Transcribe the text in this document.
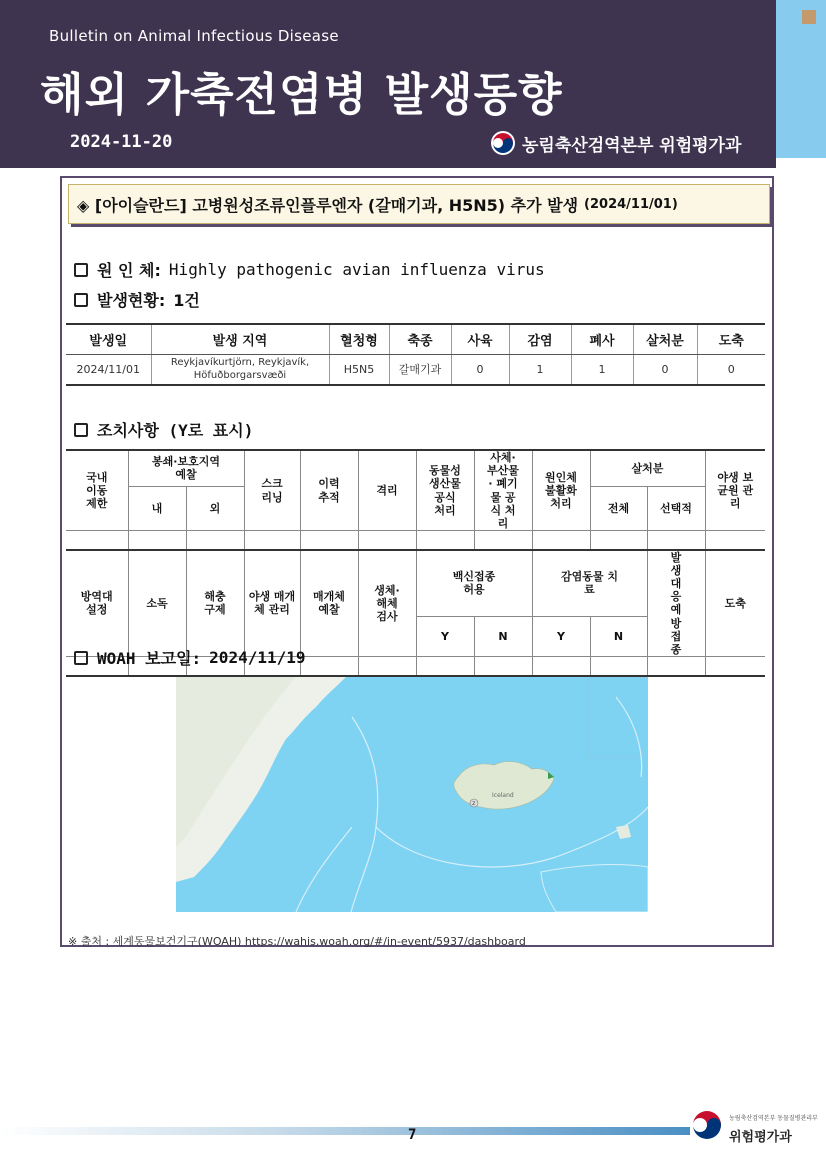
Bulletin on Animal Infectious Disease
해외 가축전염병 발생동향
2024-11-20	농림축산검역본부 위험평가과
◈ [아이슬란드] 고병원성조류인플루엔자 (갈매기과, H5N5) 추가 발생 (2024/11/01)
원 인 체: Highly pathogenic avian influenza virus
발생현황: 1건
발생일	발생 지역	혈청형	축종	사육	감염	폐사	살처분	도축
2024/11/01	Reykjavíkurtjörn, Reykjavík, Höfuðborgarsvæði	H5N5	갈매기과	0	1	1	0	0
조치사항 (Y로 표시)
국내 이동 제한	봉쇄·보호지역 예찰		스크 리닝	이력 추적	격리	동물성 생산물 공식 처리	사체· 부산물· 폐기물 공식 처리	원인체 불활화 처리	살처분		야생 보균원 관리
	내	외							전체	선택적	

방역대 설정	소독	해충 구제	야생 매개체 관리	매개체 예찰	생체· 해체 검사	백신접종 허용		감염동물 치료		발생 대응 예방 접종	도축
						Y	N	Y	N		

WOAH 보고일: 2024/11/19
2
Iceland
※ 출처 : 세계동물보건기구(WOAH) https://wahis.woah.org/#/in-event/5937/dashboard
7
농림축산검역본부 동물질병관리부
위험평가과
